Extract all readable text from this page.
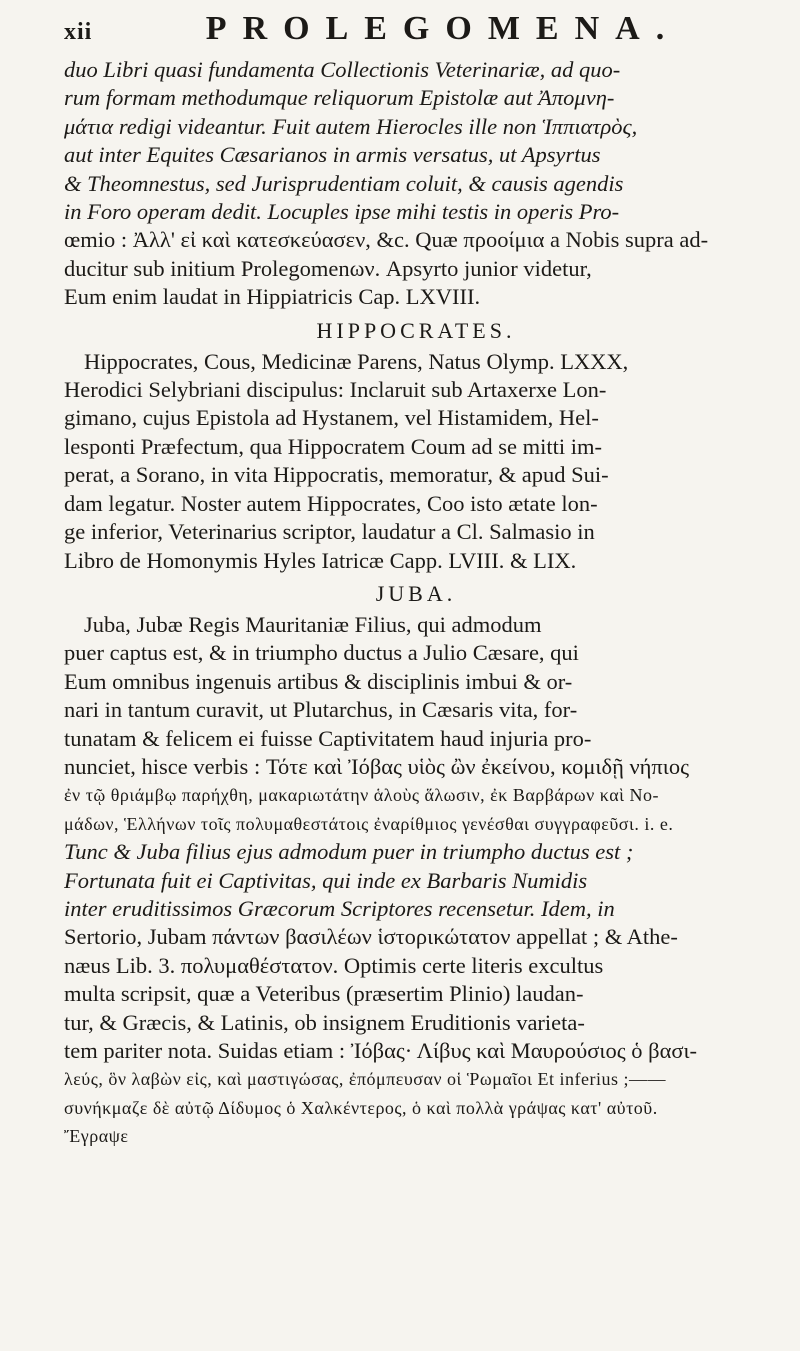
xii	PROLEGOMENA.
duo Libri quasi fundamenta Collectionis Veterinariæ, ad quo-
rum formam methodumque reliquorum Epistolæ aut Ἀπομνη-
μάτια redigi videantur. Fuit autem Hierocles ille non Ἱππιατρὸς,
aut inter Equites Cæsarianos in armis versatus, ut Apsyrtus
& Theomnestus, sed Jurisprudentiam coluit, & causis agendis
in Foro operam dedit. Locuples ipse mihi testis in operis Pro-
œmio : Ἀλλ' εἰ καὶ κατεσκεύασεν, &c. Quæ προοίμια a Nobis supra ad-
ducitur sub initium Prolegomenων. Apsyrto junior videtur,
Eum enim laudat in Hippiatricis Cap. LXVIII.
HIPPOCRATES.
Hippocrates, Cous, Medicinæ Parens, Natus Olymp. LXXX,
Herodici Selybriani discipulus: Inclaruit sub Artaxerxe Lon-
gimano, cujus Epistola ad Hystanem, vel Histamidem, Hel-
lesponti Præfectum, qua Hippocratem Coum ad se mitti im-
perat, a Sorano, in vita Hippocratis, memoratur, & apud Sui-
dam legatur. Noster autem Hippocrates, Coo isto ætate lon-
ge inferior, Veterinarius scriptor, laudatur a Cl. Salmasio in
Libro de Homonymis Hyles Iatricæ Capp. LVIII. & LIX.
JUBA.
Juba, Jubæ Regis Mauritaniæ Filius, qui admodum
puer captus est, & in triumpho ductus a Julio Cæsare, qui
Eum omnibus ingenuis artibus & disciplinis imbui & or-
nari in tantum curavit, ut Plutarchus, in Cæsaris vita, for-
tunatam & felicem ei fuisse Captivitatem haud injuria pro-
nunciet, hisce verbis : Τότε καὶ Ἰόβας υἱὸς ὢν ἐκείνου, κομιδῇ νήπιος
ἐν τῷ θριάμβῳ παρήχθη, μακαριωτάτην ἁλοὺς ἅλωσιν, ἐκ Βαρβάρων καὶ Νο-
μάδων, Ἑλλήνων τοῖς πολυμαθεστάτοις ἐναρίθμιος γενέσθαι συγγραφεῦσι. i. e.
Tunc & Juba filius ejus admodum puer in triumpho ductus est ;
Fortunata fuit ei Captivitas, qui inde ex Barbaris Numidis
inter eruditissimos Græcorum Scriptores recensetur. Idem, in
Sertorio, Jubam πάντων βασιλέων ἱστορικώτατον appellat ; & Athe-
næus Lib. 3. πολυμαθέστατον. Optimis certe literis excultus
multa scripsit, quæ a Veteribus (præsertim Plinio) laudan-
tur, & Græcis, & Latinis, ob insignem Eruditionis varieta-
tem pariter nota. Suidas etiam : Ἰόβας· Λίβυς καὶ Μαυρούσιος ὁ βασι-
λεύς, ὃν λαβὼν εἰς, καὶ μαστιγώσας, ἐπόμπευσαν οἱ Ῥωμαῖοι Et inferius ;——
συνήκμαζε δὲ αὐτῷ Δίδυμος ὁ Χαλκέντερος, ὁ καὶ πολλὰ γράψας κατ' αὐτοῦ.
Ἔγραψε
